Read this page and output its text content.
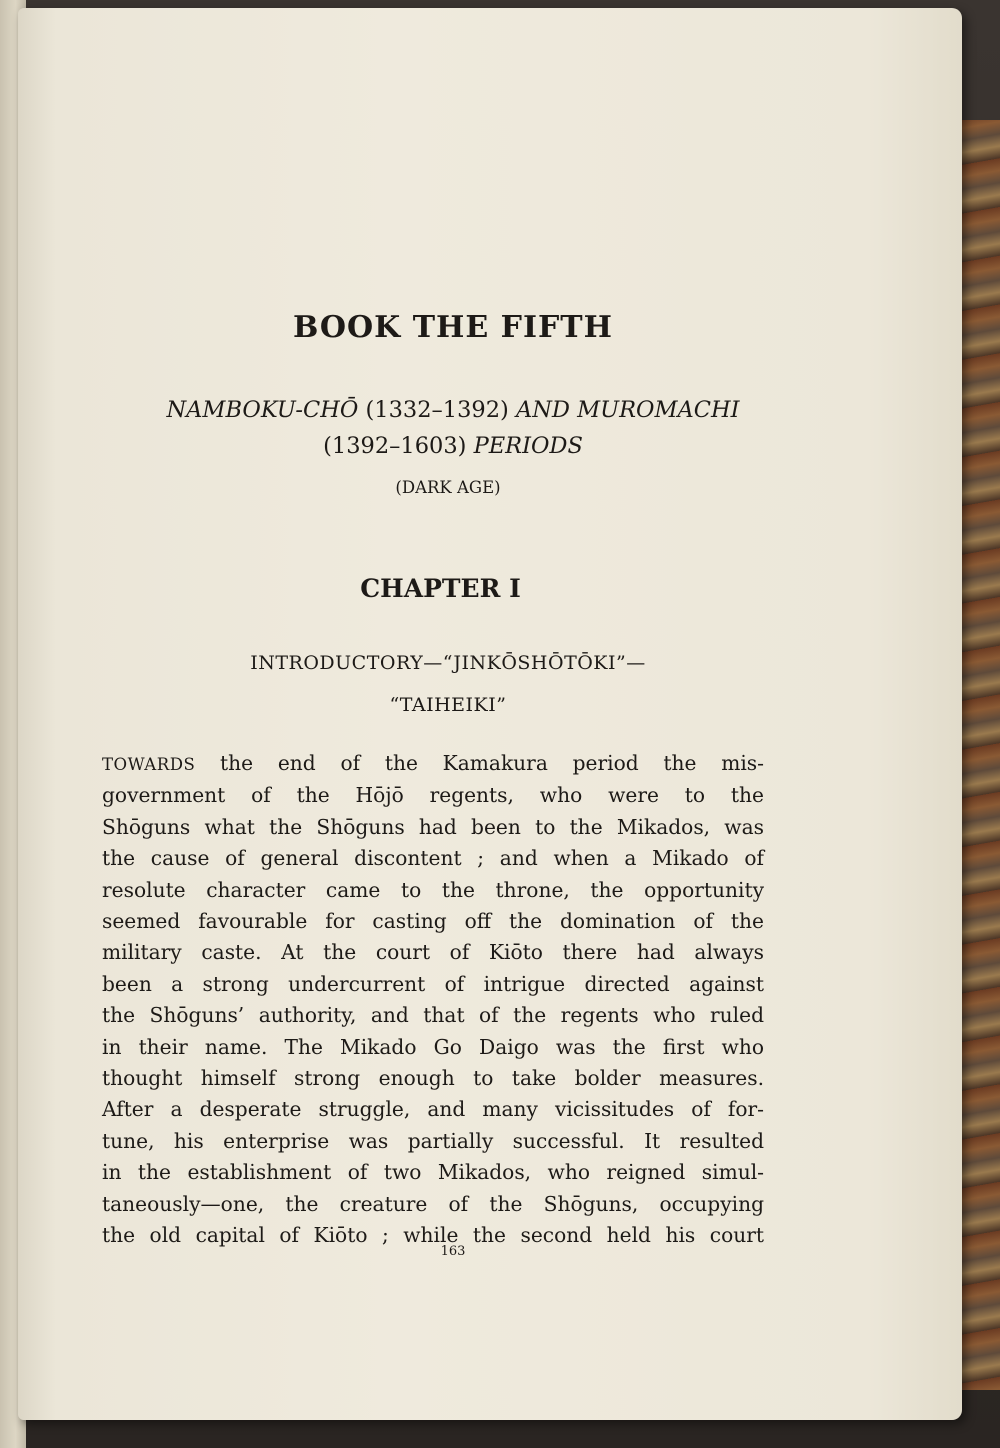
BOOK THE FIFTH

NAMBOKU-CHŌ (1332–1392) AND MUROMACHI
(1392–1603) PERIODS

(DARK AGE)

CHAPTER I

INTRODUCTORY—“JINKŌSHŌTŌKI”—
“TAIHEIKI”

TOWARDS the end of the Kamakura period the mis-
government of the Hōjō regents, who were to the
Shōguns what the Shōguns had been to the Mikados, was
the cause of general discontent ; and when a Mikado of
resolute character came to the throne, the opportunity
seemed favourable for casting off the domination of the
military caste. At the court of Kiōto there had always
been a strong undercurrent of intrigue directed against
the Shōguns’ authority, and that of the regents who ruled
in their name. The Mikado Go Daigo was the first who
thought himself strong enough to take bolder measures.
After a desperate struggle, and many vicissitudes of for-
tune, his enterprise was partially successful. It resulted
in the establishment of two Mikados, who reigned simul-
taneously—one, the creature of the Shōguns, occupying
the old capital of Kiōto ; while the second held his court

163
